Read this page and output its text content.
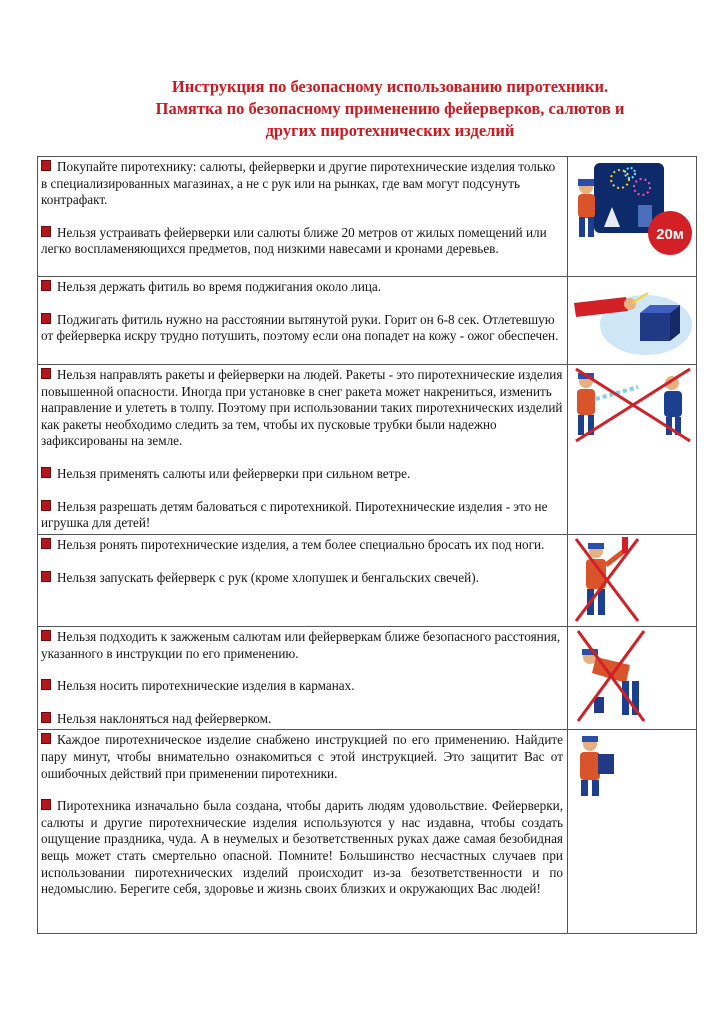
Инструкция по безопасному использованию пиротехники.
Памятка по безопасному применению фейерверков, салютов и
других пиротехнических изделий

Покупайте пиротехнику: салюты, фейерверки и другие пиротехнические изделия только в специализированных магазинах, а не с рук или на рынках, где вам могут подсунуть контрафакт.

Нельзя устраивать фейерверки или салюты ближе 20 метров от жилых помещений или легко воспламеняющихся предметов, под низкими навесами и кронами деревьев.	20м

Нельзя держать фитиль во время поджигания около лица.

Поджигать фитиль нужно на расстоянии вытянутой руки. Горит он 6-8 сек. Отлетевшую от фейерверка искру трудно потушить, поэтому если она попадет на кожу - ожог обеспечен.

Нельзя направлять ракеты и фейерверки на людей. Ракеты - это пиротехнические изделия повышенной опасности. Иногда при установке в снег ракета может накрениться, изменить направление и улететь в толпу. Поэтому при использовании таких пиротехнических изделий как ракеты необходимо следить за тем, чтобы их пусковые трубки были надежно зафиксированы на земле.

Нельзя применять салюты или фейерверки при сильном ветре.

Нельзя разрешать детям баловаться с пиротехникой. Пиротехнические изделия - это не игрушка для детей!

Нельзя ронять пиротехнические изделия, а тем более специально бросать их под ноги.

Нельзя запускать фейерверк с рук (кроме хлопушек и бенгальских свечей).

Нельзя подходить к зажженым салютам или фейерверкам ближе безопасного расстояния, указанного в инструкции по его применению.

Нельзя носить пиротехнические изделия в карманах.

Нельзя наклоняться над фейерверком.

Каждое пиротехническое изделие снабжено инструкцией по его применению. Найдите пару минут, чтобы внимательно ознакомиться с этой инструкцией. Это защитит Вас от ошибочных действий при применении пиротехники.

Пиротехника изначально была создана, чтобы дарить людям удовольствие. Фейерверки, салюты и другие пиротехнические изделия используются у нас издавна, чтобы создать ощущение праздника, чуда. А в неумелых и безответственных руках даже самая безобидная вещь может стать смертельно опасной. Помните! Большинство несчастных случаев при использовании пиротехнических изделий происходит из-за безответственности и по недомыслию. Берегите себя, здоровье и жизнь своих близких и окружающих Вас людей!
